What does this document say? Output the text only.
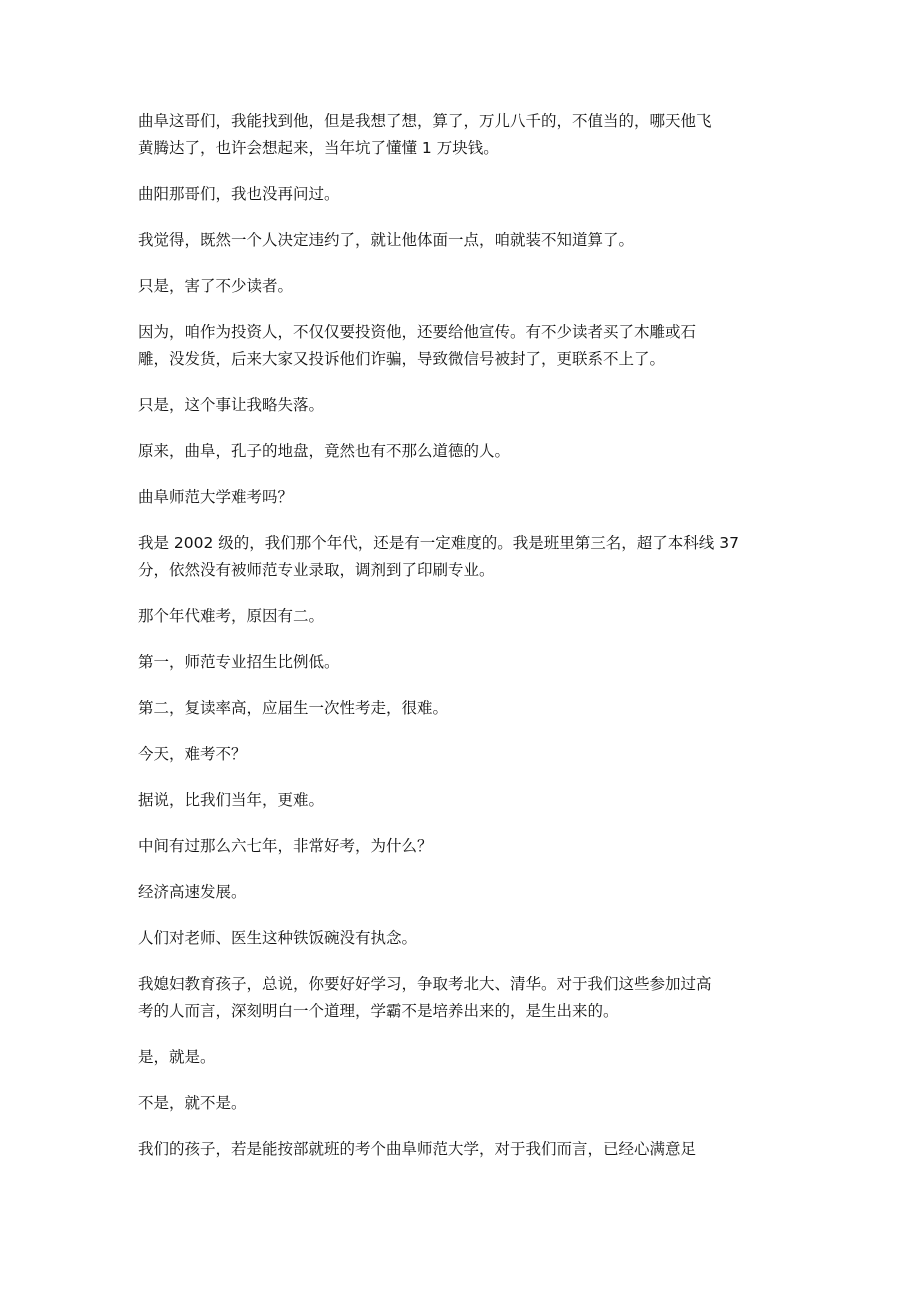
曲阜这哥们，我能找到他，但是我想了想，算了，万儿八千的，不值当的，哪天他飞
黄腾达了，也许会想起来，当年坑了懂懂 1 万块钱。

曲阳那哥们，我也没再问过。

我觉得，既然一个人决定违约了，就让他体面一点，咱就装不知道算了。

只是，害了不少读者。

因为，咱作为投资人，不仅仅要投资他，还要给他宣传。有不少读者买了木雕或石
雕，没发货，后来大家又投诉他们诈骗，导致微信号被封了，更联系不上了。

只是，这个事让我略失落。

原来，曲阜，孔子的地盘，竟然也有不那么道德的人。

曲阜师范大学难考吗？

我是 2002 级的，我们那个年代，还是有一定难度的。我是班里第三名，超了本科线 37
分，依然没有被师范专业录取，调剂到了印刷专业。

那个年代难考，原因有二。

第一，师范专业招生比例低。

第二，复读率高，应届生一次性考走，很难。

今天，难考不？

据说，比我们当年，更难。

中间有过那么六七年，非常好考，为什么？

经济高速发展。

人们对老师、医生这种铁饭碗没有执念。

我媳妇教育孩子，总说，你要好好学习，争取考北大、清华。对于我们这些参加过高
考的人而言，深刻明白一个道理，学霸不是培养出来的，是生出来的。

是，就是。

不是，就不是。

我们的孩子，若是能按部就班的考个曲阜师范大学，对于我们而言，已经心满意足
